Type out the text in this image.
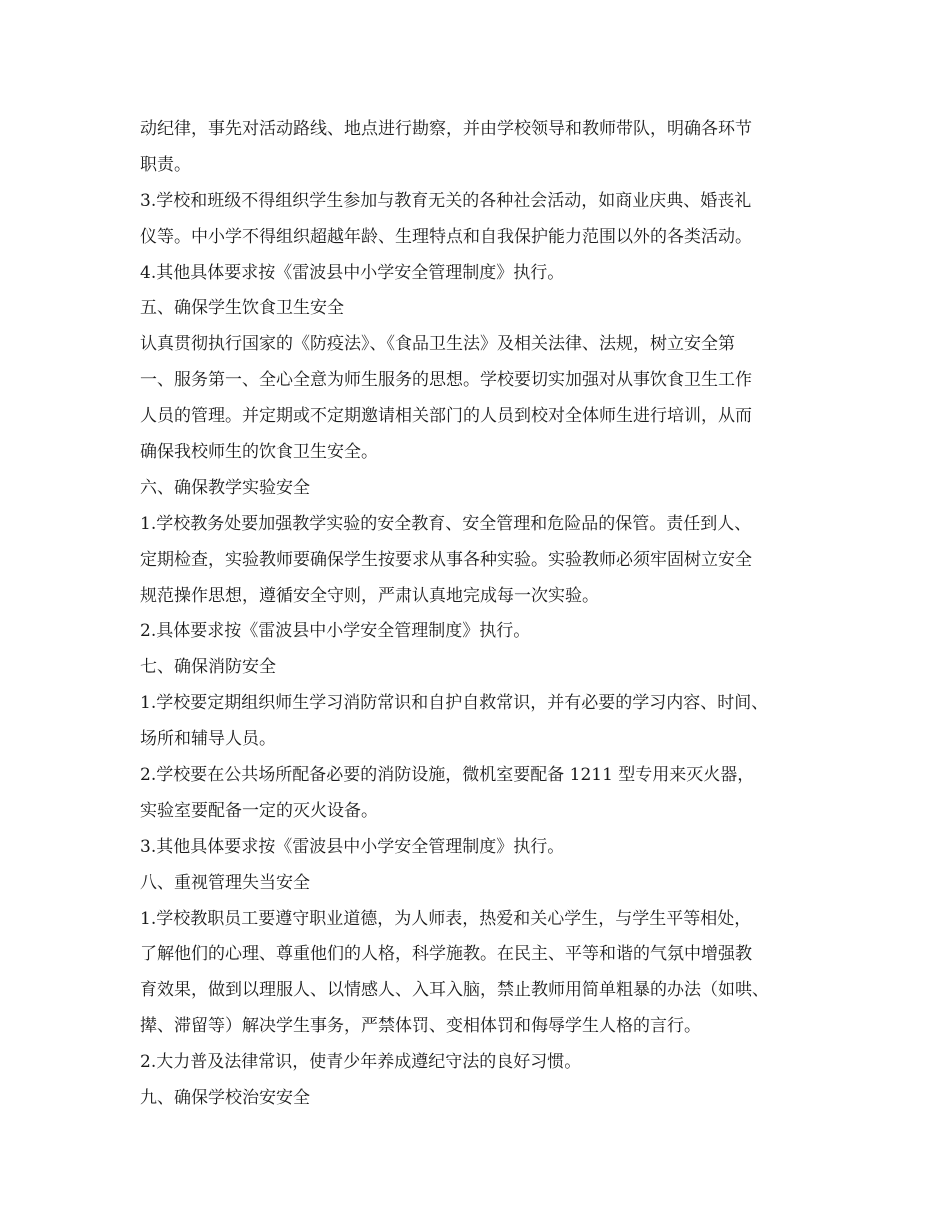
动纪律，事先对活动路线、地点进行勘察，并由学校领导和教师带队，明确各环节
职责。
3.学校和班级不得组织学生参加与教育无关的各种社会活动，如商业庆典、婚丧礼
仪等。中小学不得组织超越年龄、生理特点和自我保护能力范围以外的各类活动。
4.其他具体要求按《雷波县中小学安全管理制度》执行。
五、确保学生饮食卫生安全
认真贯彻执行国家的《防疫法》、《食品卫生法》及相关法律、法规，树立安全第
一、服务第一、全心全意为师生服务的思想。学校要切实加强对从事饮食卫生工作
人员的管理。并定期或不定期邀请相关部门的人员到校对全体师生进行培训，从而
确保我校师生的饮食卫生安全。
六、确保教学实验安全
1.学校教务处要加强教学实验的安全教育、安全管理和危险品的保管。责任到人、
定期检查，实验教师要确保学生按要求从事各种实验。实验教师必须牢固树立安全
规范操作思想，遵循安全守则，严肃认真地完成每一次实验。
2.具体要求按《雷波县中小学安全管理制度》执行。
七、确保消防安全
1.学校要定期组织师生学习消防常识和自护自救常识，并有必要的学习内容、时间、
场所和辅导人员。
2.学校要在公共场所配备必要的消防设施，微机室要配备 1211 型专用来灭火器，
实验室要配备一定的灭火设备。
3.其他具体要求按《雷波县中小学安全管理制度》执行。
八、重视管理失当安全
1.学校教职员工要遵守职业道德，为人师表，热爱和关心学生，与学生平等相处，
了解他们的心理、尊重他们的人格，科学施教。在民主、平等和谐的气氛中增强教
育效果，做到以理服人、以情感人、入耳入脑，禁止教师用简单粗暴的办法（如哄、
撵、滞留等）解决学生事务，严禁体罚、变相体罚和侮辱学生人格的言行。
2.大力普及法律常识，使青少年养成遵纪守法的良好习惯。
九、确保学校治安安全
